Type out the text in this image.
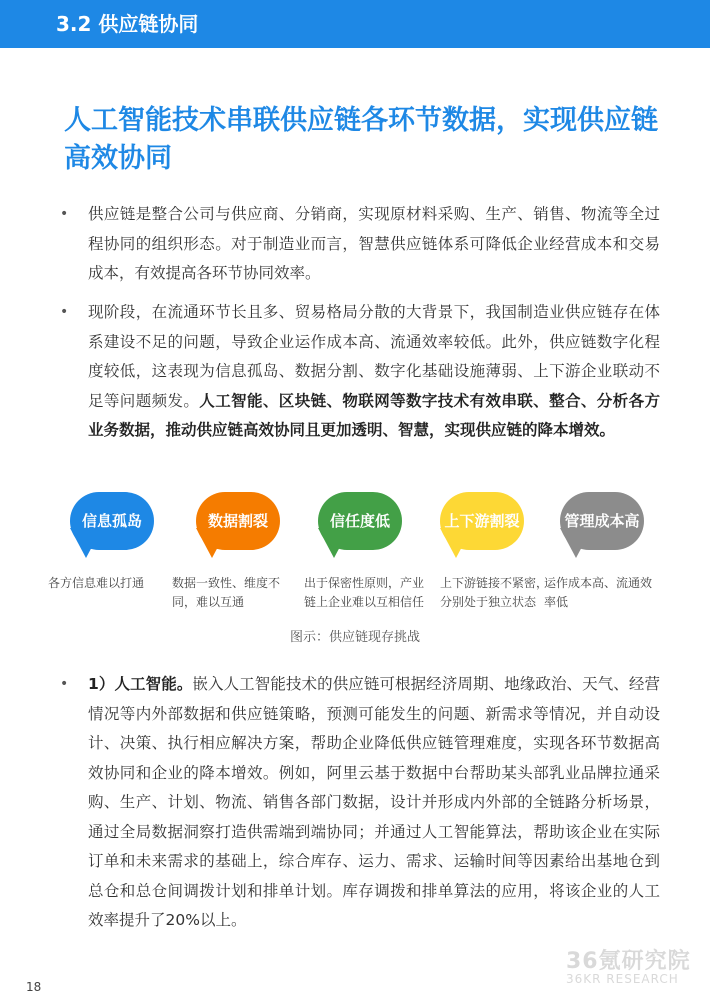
3.2 供应链协同
人工智能技术串联供应链各环节数据，实现供应链高效协同
• 供应链是整合公司与供应商、分销商，实现原材料采购、生产、销售、物流等全过程协同的组织形态。对于制造业而言，智慧供应链体系可降低企业经营成本和交易成本，有效提高各环节协同效率。
• 现阶段，在流通环节长且多、贸易格局分散的大背景下，我国制造业供应链存在体系建设不足的问题，导致企业运作成本高、流通效率较低。此外，供应链数字化程度较低，这表现为信息孤岛、数据分割、数字化基础设施薄弱、上下游企业联动不足等问题频发。人工智能、区块链、物联网等数字技术有效串联、整合、分析各方业务数据，推动供应链高效协同且更加透明、智慧，实现供应链的降本增效。
信息孤岛
各方信息难以打通
数据割裂
数据一致性、维度不同，难以互通
信任度低
出于保密性原则，产业链上企业难以互相信任
上下游割裂
上下游链接不紧密，分别处于独立状态
管理成本高
运作成本高、流通效率低
图示：供应链现存挑战
• 1）人工智能。嵌入人工智能技术的供应链可根据经济周期、地缘政治、天气、经营情况等内外部数据和供应链策略，预测可能发生的问题、新需求等情况，并自动设计、决策、执行相应解决方案，帮助企业降低供应链管理难度，实现各环节数据高效协同和企业的降本增效。例如，阿里云基于数据中台帮助某头部乳业品牌拉通采购、生产、计划、物流、销售各部门数据，设计并形成内外部的全链路分析场景，通过全局数据洞察打造供需端到端协同；并通过人工智能算法，帮助该企业在实际订单和未来需求的基础上，综合库存、运力、需求、运输时间等因素给出基地仓到总仓和总仓间调拨计划和排单计划。库存调拨和排单算法的应用，将该企业的人工效率提升了20%以上。
36氪研究院
36KR RESEARCH
18
